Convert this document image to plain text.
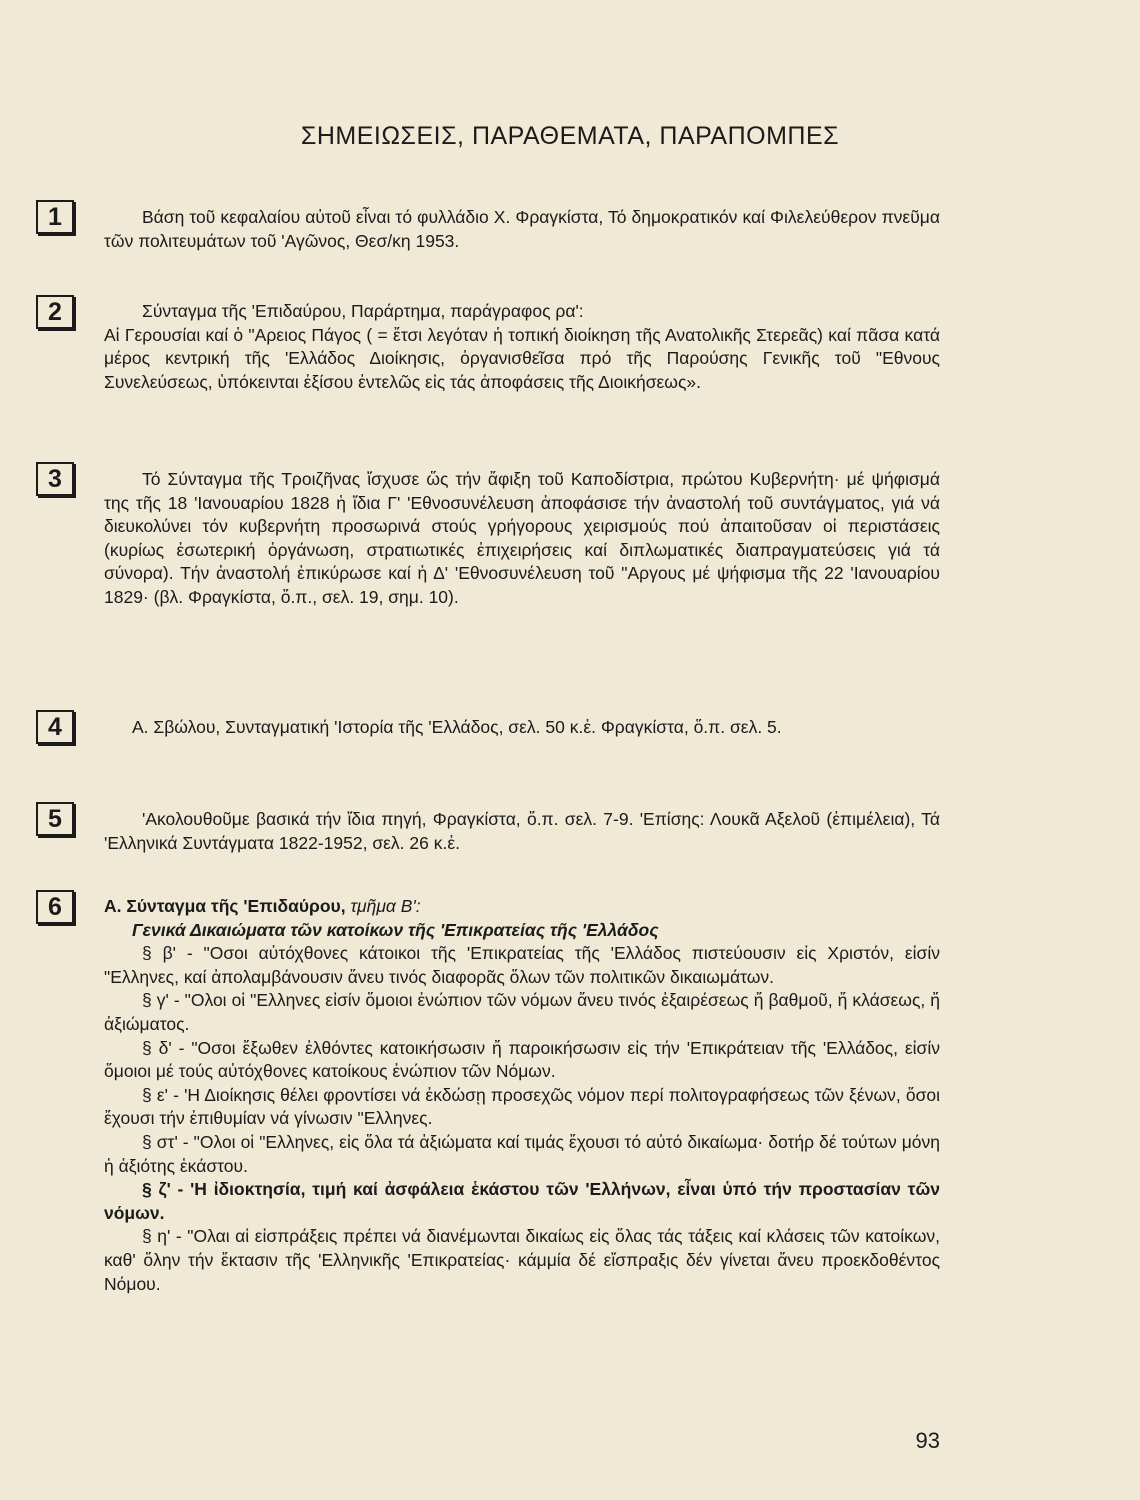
ΣΗΜΕΙΩΣΕΙΣ, ΠΑΡΑΘΕΜΑΤΑ, ΠΑΡΑΠΟΜΠΕΣ
1	Βάση τοῦ κεφαλαίου αὐτοῦ εἶναι τό φυλλάδιο Χ. Φραγκίστα, Τό δημοκρατικόν καί Φιλελεύθερον πνεῦμα τῶν πολιτευμάτων τοῦ 'Αγῶνος, Θεσ/κη 1953.

2	Σύνταγμα τῆς 'Επιδαύρου, Παράρτημα, παράγραφος ρα':

Αἱ Γερουσίαι καί ὁ "Αρειος Πάγος ( = ἔτσι λεγόταν ἡ τοπική διοίκηση τῆς Ανατολικῆς Στερεᾶς) καί πᾶσα κατά μέρος κεντρική τῆς 'Ελλάδος Διοίκησις, ὀργανισθεῖσα πρό τῆς Παρούσης Γενικῆς τοῦ "Εθνους Συνελεύσεως, ὑπόκεινται ἐξίσου ἐντελῶς εἰς τάς ἀποφάσεις τῆς Διοικήσεως».

3	Τό Σύνταγμα τῆς Τροιζῆνας ἴσχυσε ὥς τήν ἄφιξη τοῦ Καποδίστρια, πρώτου Κυβερνήτη· μέ ψήφισμά της τῆς 18 'Ιανουαρίου 1828 ἡ ἴδια Γ' 'Εθνοσυνέλευση ἀποφάσισε τήν ἀναστολή τοῦ συντάγματος, γιά νά διευκολύνει τόν κυβερνήτη προσωρινά στούς γρήγορους χειρισμούς πού ἀπαιτοῦσαν οἱ περιστάσεις (κυρίως ἐσωτερική ὀργάνωση, στρατιωτικές ἐπιχειρήσεις καί διπλωματικές διαπραγματεύσεις γιά τά σύνορα). Τήν ἀναστολή ἐπικύρωσε καί ἡ Δ' 'Εθνοσυνέλευση τοῦ "Αργους μέ ψήφισμα τῆς 22 'Ιανουαρίου 1829· (βλ. Φραγκίστα, ὅ.π., σελ. 19, σημ. 10).

4	Α. Σβώλου, Συνταγματική 'Ιστορία τῆς 'Ελλάδος, σελ. 50 κ.ἑ. Φραγκίστα, ὅ.π. σελ. 5.

5	'Ακολουθοῦμε βασικά τήν ἴδια πηγή, Φραγκίστα, ὅ.π. σελ. 7-9. 'Επίσης: Λουκᾶ Αξελοῦ (ἐπιμέλεια), Τά 'Ελληνικά Συντάγματα 1822-1952, σελ. 26 κ.ἑ.

6	Α. Σύνταγμα τῆς 'Επιδαύρου, τμῆμα Β':

Γενικά Δικαιώματα τῶν κατοίκων τῆς 'Επικρατείας τῆς 'Ελλάδος

§ β' - "Οσοι αὐτόχθονες κάτοικοι τῆς 'Επικρατείας τῆς 'Ελλάδος πιστεύουσιν εἰς Χριστόν, εἰσίν "Ελληνες, καί ἀπολαμβάνουσιν ἄνευ τινός διαφορᾶς ὅλων τῶν πολιτικῶν δικαιωμάτων.

§ γ' - "Ολοι οἱ "Ελληνες εἰσίν ὅμοιοι ἐνώπιον τῶν νόμων ἄνευ τινός ἐξαιρέσεως ἤ βαθμοῦ, ἤ κλάσεως, ἤ ἀξιώματος.

§ δ' - "Οσοι ἔξωθεν ἐλθόντες κατοικήσωσιν ἤ παροικήσωσιν εἰς τήν 'Επικράτειαν τῆς 'Ελλάδος, εἰσίν ὅμοιοι μέ τούς αὐτόχθονες κατοίκους ἐνώπιον τῶν Νόμων.

§ ε' - 'Η Διοίκησις θέλει φροντίσει νά ἐκδώσῃ προσεχῶς νόμον περί πολιτογραφήσεως τῶν ξένων, ὅσοι ἔχουσι τήν ἐπιθυμίαν νά γίνωσιν "Ελληνες.

§ στ' - "Ολοι οἱ "Ελληνες, εἰς ὅλα τά ἀξιώματα καί τιμάς ἔχουσι τό αὐτό δικαίωμα· δοτήρ δέ τούτων μόνη ἡ ἀξιότης ἑκάστου.

§ ζ' - 'Η ἰδιοκτησία, τιμή καί ἀσφάλεια ἑκάστου τῶν 'Ελλήνων, εἶναι ὑπό τήν προστασίαν τῶν νόμων.

§ η' - "Ολαι αἱ εἰσπράξεις πρέπει νά διανέμωνται δικαίως εἰς ὅλας τάς τάξεις καί κλάσεις τῶν κατοίκων, καθ' ὅλην τήν ἔκτασιν τῆς 'Ελληνικῆς 'Επικρατείας· κάμμία δέ εἴσπραξις δέν γίνεται ἄνευ προεκδοθέντος Νόμου.

93
